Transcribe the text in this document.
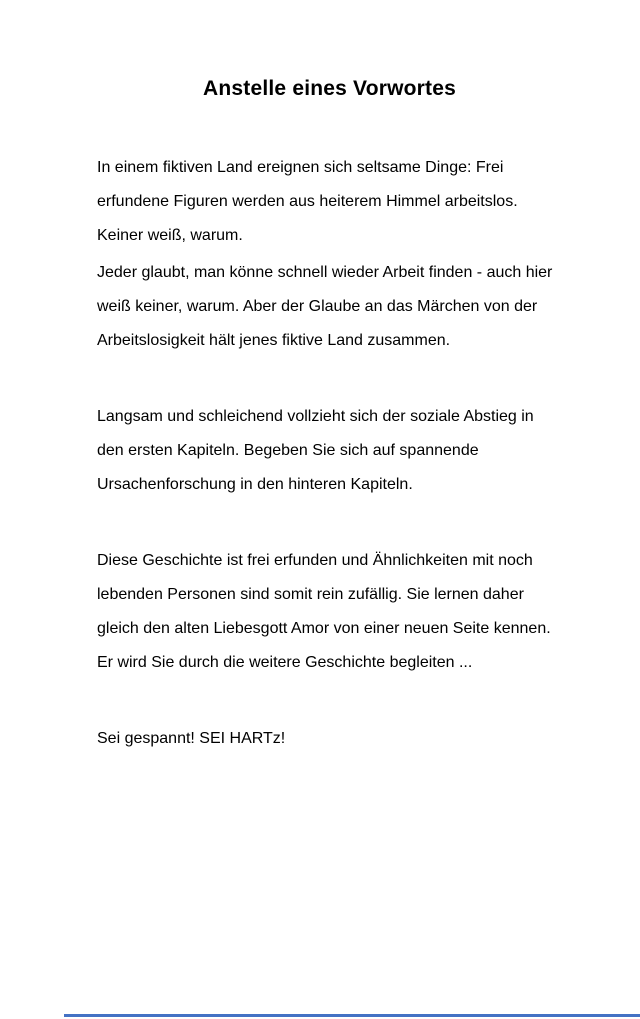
Anstelle eines Vorwortes

In einem fiktiven Land ereignen sich seltsame Dinge: Frei erfundene Figuren werden aus heiterem Himmel arbeitslos. Keiner weiß, warum.

Jeder glaubt, man könne schnell wieder Arbeit finden - auch hier weiß keiner, warum. Aber der Glaube an das Märchen von der Arbeitslosigkeit hält jenes fiktive Land zusammen.

Langsam und schleichend vollzieht sich der soziale Abstieg in den ersten Kapiteln. Begeben Sie sich auf spannende Ursachenforschung in den hinteren Kapiteln.

Diese Geschichte ist frei erfunden und Ähnlichkeiten mit noch lebenden Personen sind somit rein zufällig. Sie lernen daher gleich den alten Liebesgott Amor von einer neuen Seite kennen. Er wird Sie durch die weitere Geschichte begleiten ...

Sei gespannt! SEI HARTz!
